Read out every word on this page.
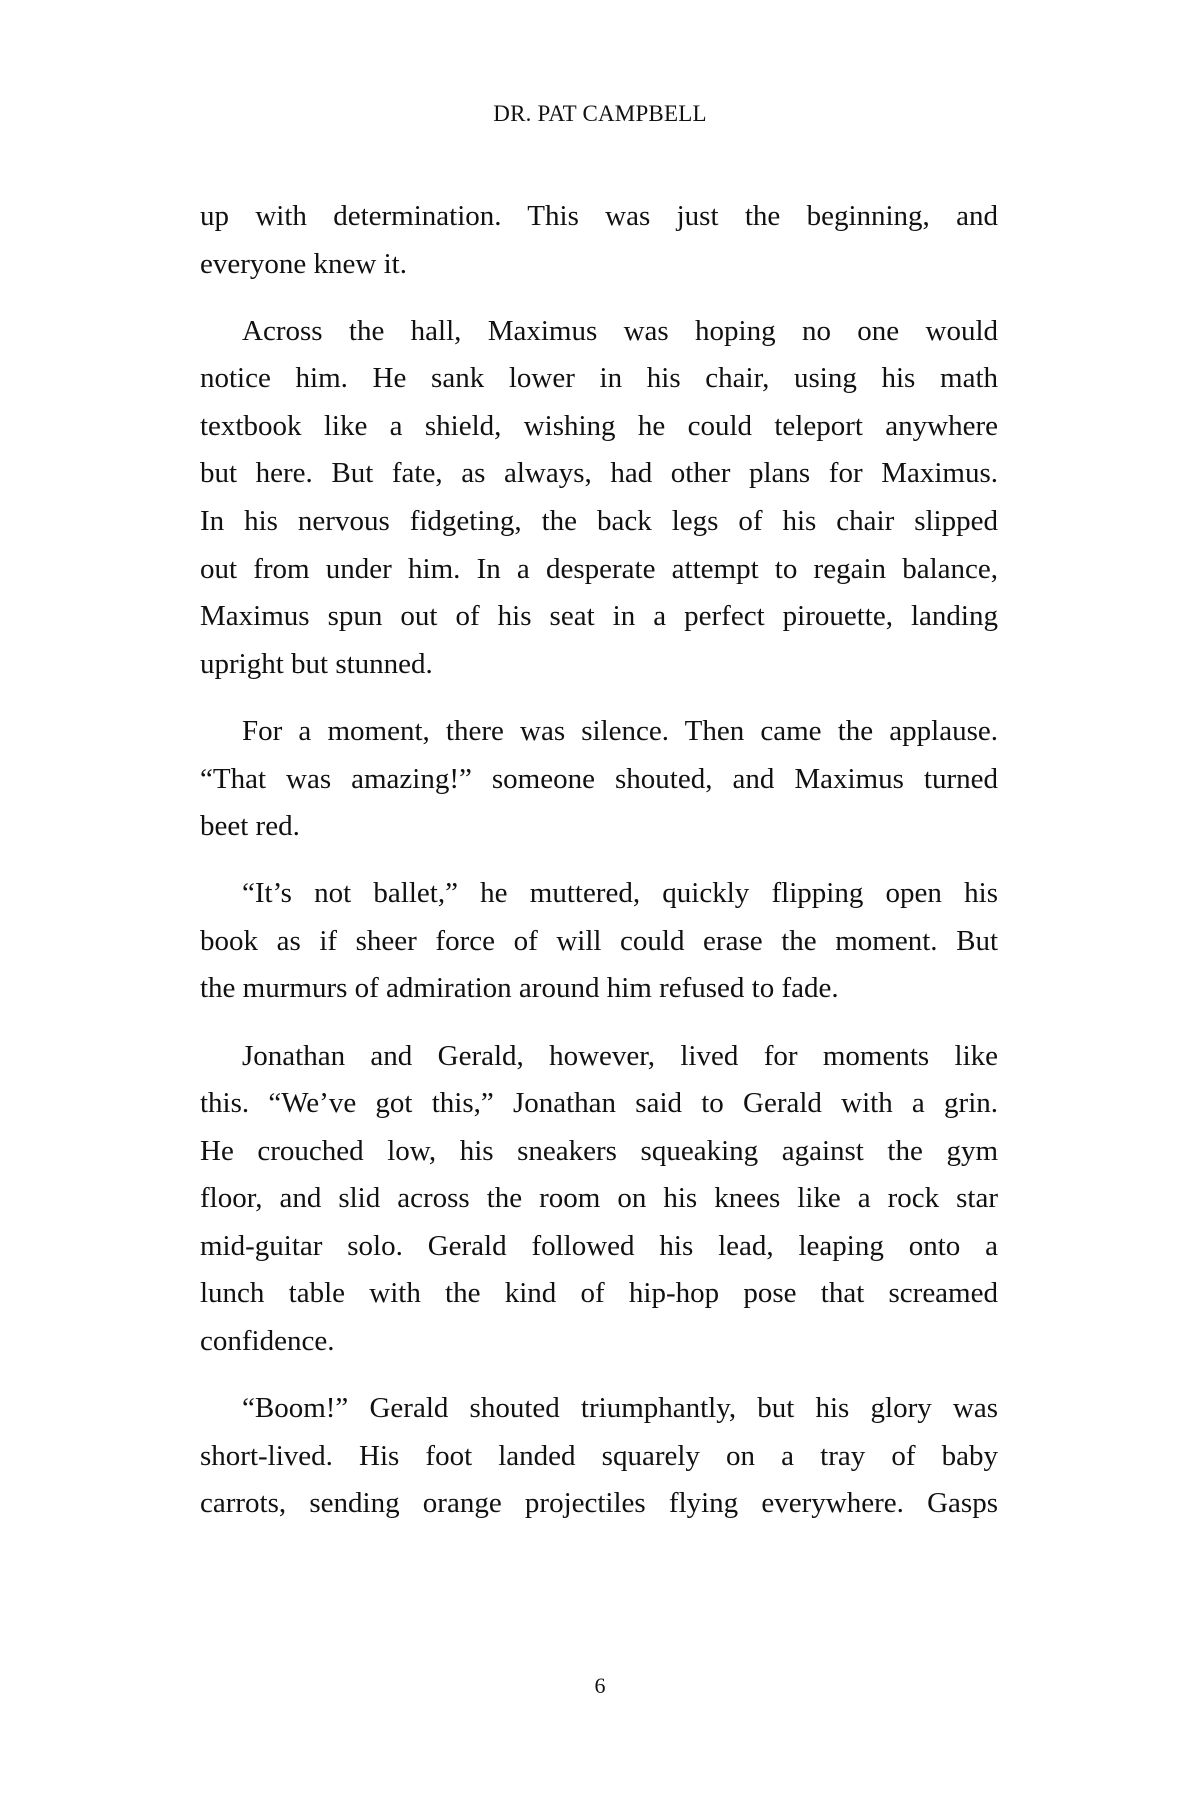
DR. PAT CAMPBELL

up with determination. This was just the beginning, and
everyone knew it.

Across the hall, Maximus was hoping no one would
notice him. He sank lower in his chair, using his math
textbook like a shield, wishing he could teleport anywhere
but here. But fate, as always, had other plans for Maximus.
In his nervous fidgeting, the back legs of his chair slipped
out from under him. In a desperate attempt to regain balance,
Maximus spun out of his seat in a perfect pirouette, landing
upright but stunned.

For a moment, there was silence. Then came the applause.
“That was amazing!” someone shouted, and Maximus turned
beet red.

“It’s not ballet,” he muttered, quickly flipping open his
book as if sheer force of will could erase the moment. But
the murmurs of admiration around him refused to fade.

Jonathan and Gerald, however, lived for moments like
this. “We’ve got this,” Jonathan said to Gerald with a grin.
He crouched low, his sneakers squeaking against the gym
floor, and slid across the room on his knees like a rock star
mid-guitar solo. Gerald followed his lead, leaping onto a
lunch table with the kind of hip-hop pose that screamed
confidence.

“Boom!” Gerald shouted triumphantly, but his glory was
short-lived. His foot landed squarely on a tray of baby
carrots, sending orange projectiles flying everywhere. Gasps

6
